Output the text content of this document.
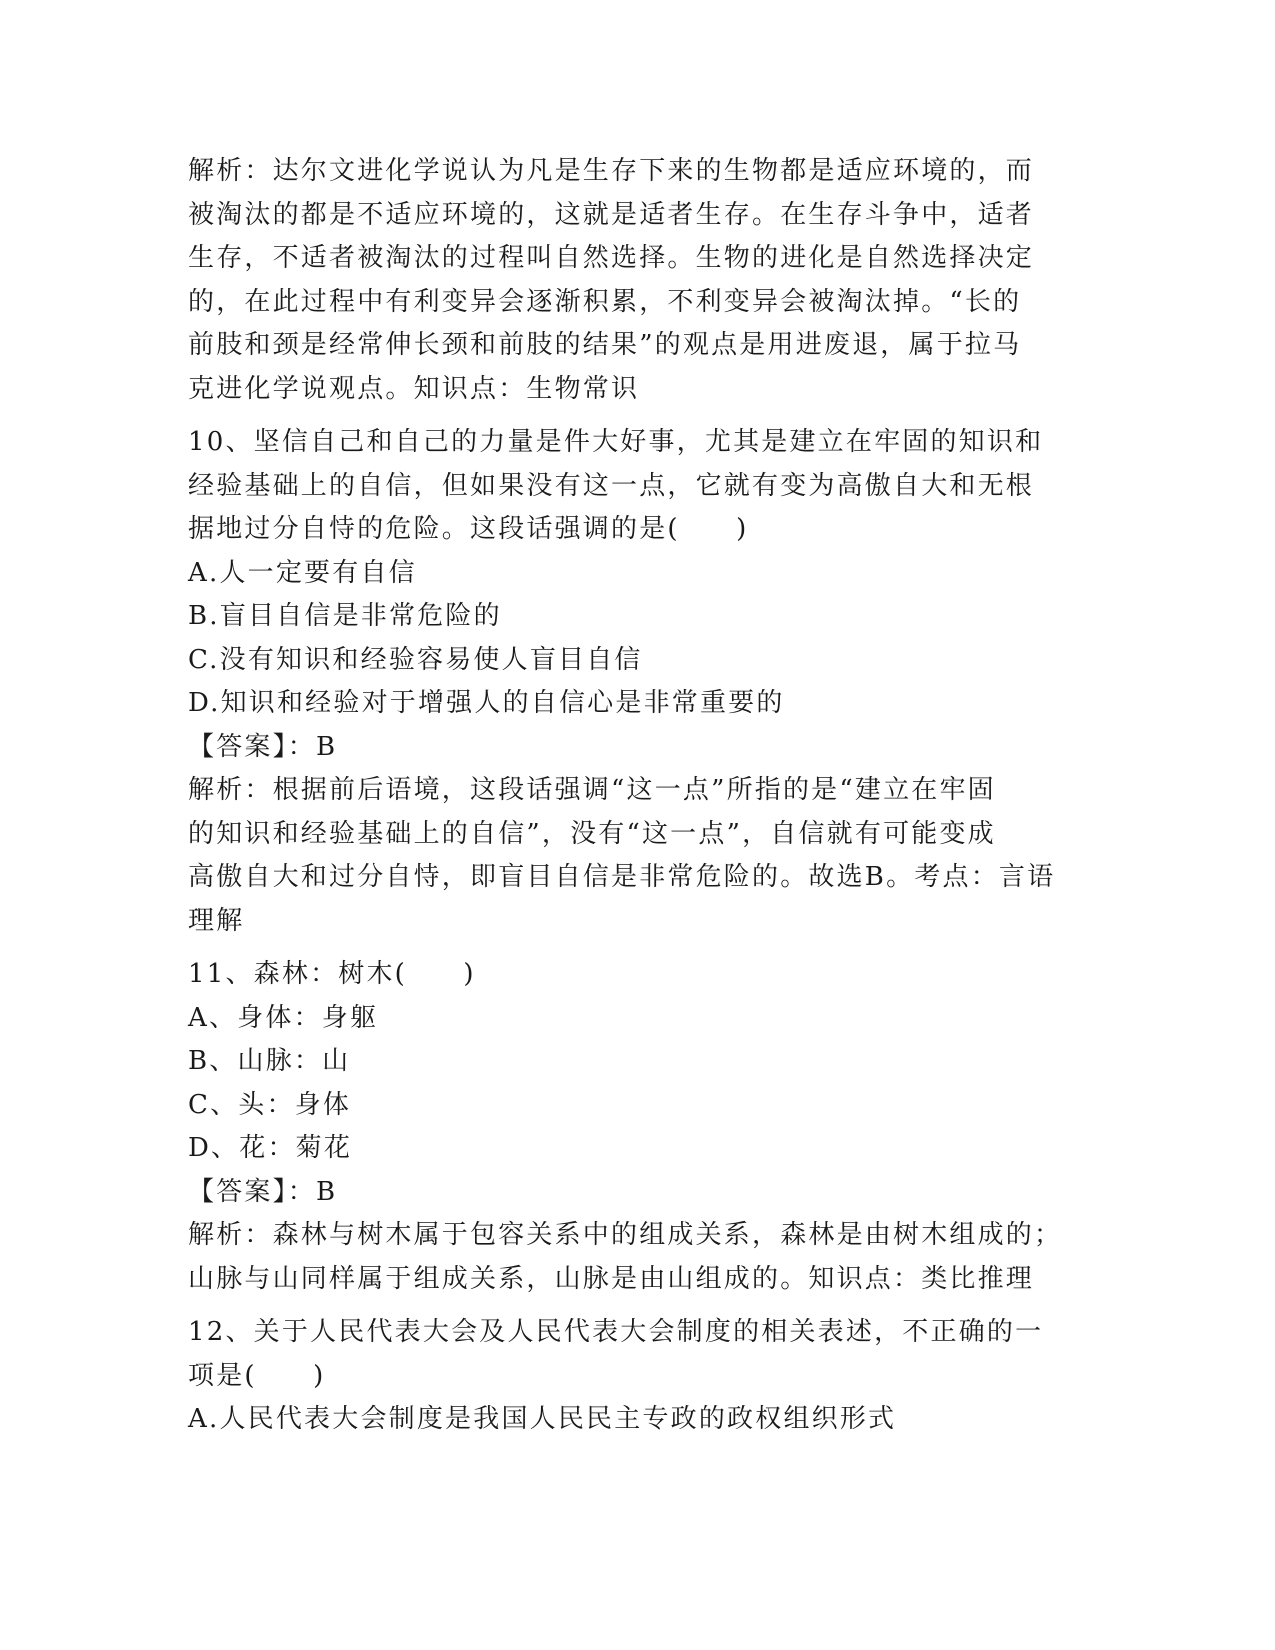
解析：达尔文进化学说认为凡是生存下来的生物都是适应环境的，而
被淘汰的都是不适应环境的，这就是适者生存。在生存斗争中，适者
生存，不适者被淘汰的过程叫自然选择。生物的进化是自然选择决定
的，在此过程中有利变异会逐渐积累，不利变异会被淘汰掉。“长的
前肢和颈是经常伸长颈和前肢的结果”的观点是用进废退，属于拉马
克进化学说观点。知识点：生物常识
10、坚信自己和自己的力量是件大好事，尤其是建立在牢固的知识和
经验基础上的自信，但如果没有这一点，它就有变为高傲自大和无根
据地过分自恃的危险。这段话强调的是(　　)
A.人一定要有自信
B.盲目自信是非常危险的
C.没有知识和经验容易使人盲目自信
D.知识和经验对于增强人的自信心是非常重要的
【答案】：B
解析：根据前后语境，这段话强调“这一点”所指的是“建立在牢固
的知识和经验基础上的自信”，没有“这一点”，自信就有可能变成
高傲自大和过分自恃，即盲目自信是非常危险的。故选B。考点：言语
理解
11、森林：树木(　　)
A、身体：身躯
B、山脉：山
C、头：身体
D、花：菊花
【答案】：B
解析：森林与树木属于包容关系中的组成关系，森林是由树木组成的；
山脉与山同样属于组成关系，山脉是由山组成的。知识点：类比推理
12、关于人民代表大会及人民代表大会制度的相关表述，不正确的一
项是(　　)
A.人民代表大会制度是我国人民民主专政的政权组织形式
